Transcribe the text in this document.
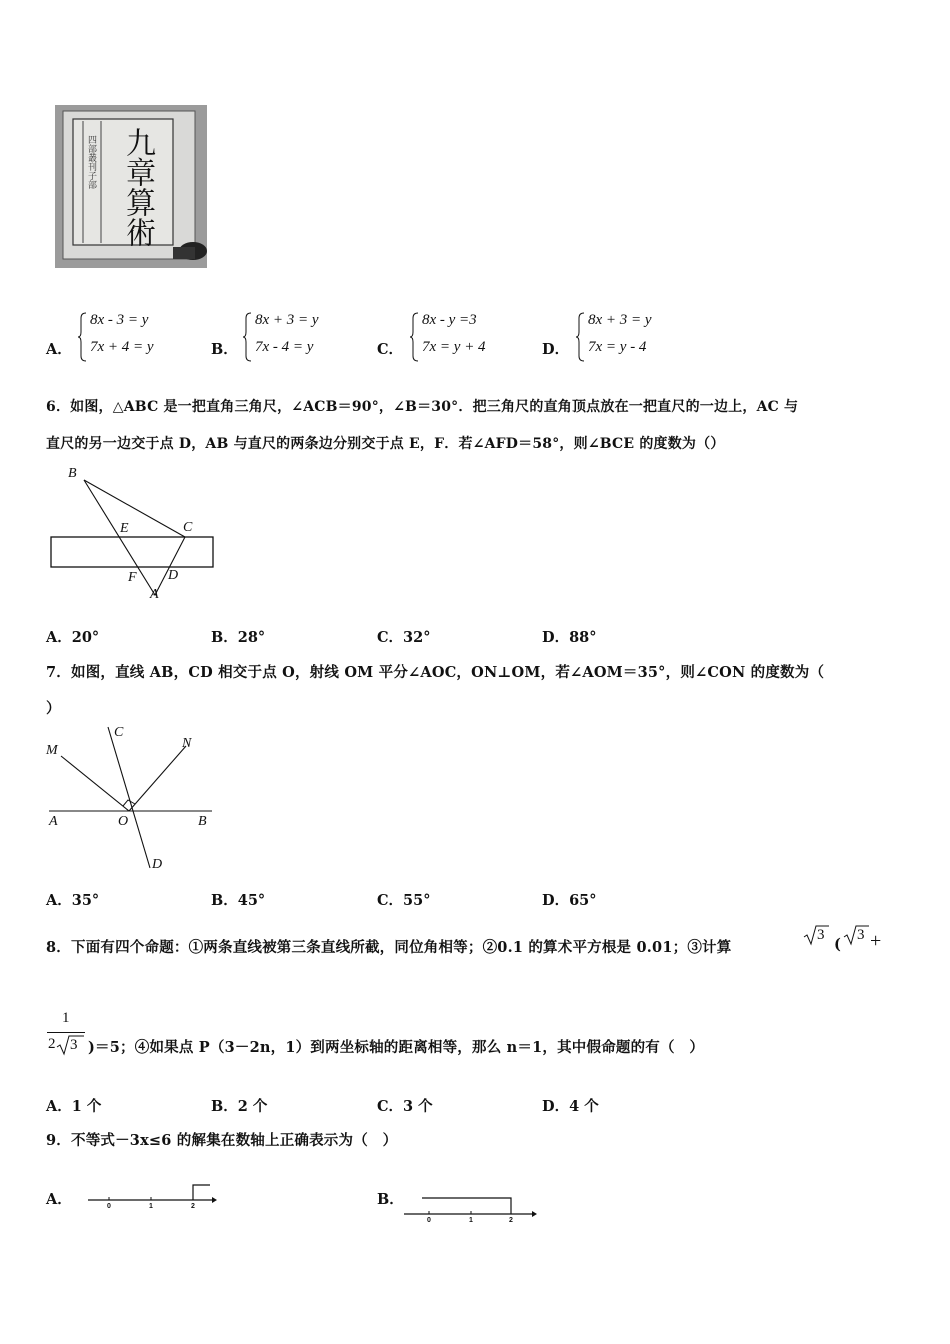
四部叢刊子部 九章算術
A．
8x - 3 = y
7x + 4 = y	B．
8x + 3 = y
7x - 4 = y	C．
8x - y =3
7x = y + 4	D．
8x + 3 = y
7x = y - 4
6．如图，△ABC 是一把直角三角尺，∠ACB＝90°，∠B＝30°．把三角尺的直角顶点放在一把直尺的一边上，AC 与
直尺的另一边交于点 D，AB 与直尺的两条边分别交于点 E，F．若∠AFD＝58°，则∠BCE 的度数为（）
B
E	C
F D
A
A．20°	B．28°	C．32°	D．88°
7．如图，直线 AB，CD 相交于点 O，射线 OM 平分∠AOC，ON⊥OM，若∠AOM＝35°，则∠CON 的度数为（
）
M
C
N
A	O	B
D
A．35°	B．45°	C．55°	D．65°
8．下面有四个命题：①两条直线被第三条直线所截，同位角相等；②0.1 的算术平方根是 0.01；③计算
3
(
3 +
1
2 3 )＝5；④如果点 P（3－2n，1）到两坐标轴的距离相等，那么 n＝1，其中假命题的有（　）
A．1 个	B．2 个	C．3 个	D．4 个
9．不等式－3x≤6 的解集在数轴上正确表示为（　）
A．	0	1	2	B．
0	1	2
